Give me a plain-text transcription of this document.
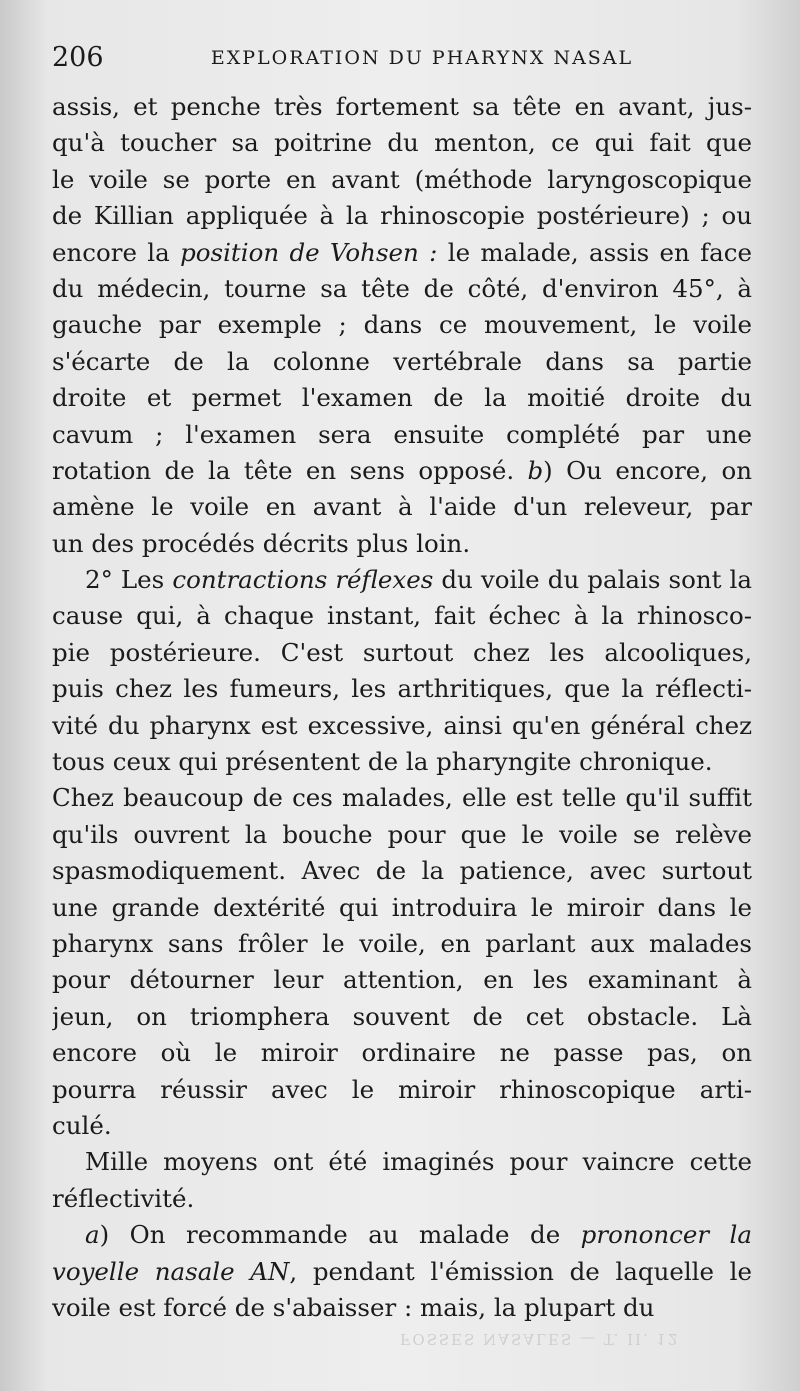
206	EXPLORATION DU PHARYNX NASAL
assis, et penche très fortement sa tête en avant, jus-
qu'à toucher sa poitrine du menton, ce qui fait que
le voile se porte en avant (méthode laryngoscopique
de Killian appliquée à la rhinoscopie postérieure) ; ou
encore la position de Vohsen : le malade, assis en face
du médecin, tourne sa tête de côté, d'environ 45°, à
gauche par exemple ; dans ce mouvement, le voile
s'écarte de la colonne vertébrale dans sa partie
droite et permet l'examen de la moitié droite du
cavum ; l'examen sera ensuite complété par une
rotation de la tête en sens opposé. b) Ou encore, on
amène le voile en avant à l'aide d'un releveur, par
un des procédés décrits plus loin.
2° Les contractions réflexes du voile du palais sont la
cause qui, à chaque instant, fait échec à la rhinosco-
pie postérieure. C'est surtout chez les alcooliques,
puis chez les fumeurs, les arthritiques, que la réflecti-
vité du pharynx est excessive, ainsi qu'en général chez
tous ceux qui présentent de la pharyngite chronique.
Chez beaucoup de ces malades, elle est telle qu'il suffit
qu'ils ouvrent la bouche pour que le voile se relève
spasmodiquement. Avec de la patience, avec surtout
une grande dextérité qui introduira le miroir dans le
pharynx sans frôler le voile, en parlant aux malades
pour détourner leur attention, en les examinant à
jeun, on triomphera souvent de cet obstacle. Là
encore où le miroir ordinaire ne passe pas, on
pourra réussir avec le miroir rhinoscopique arti-
culé.
Mille moyens ont été imaginés pour vaincre cette
réflectivité.
a) On recommande au malade de prononcer la
voyelle nasale AN, pendant l'émission de laquelle le
voile est forcé de s'abaisser : mais, la plupart du
FOSSES NASALES — T. II. 12
